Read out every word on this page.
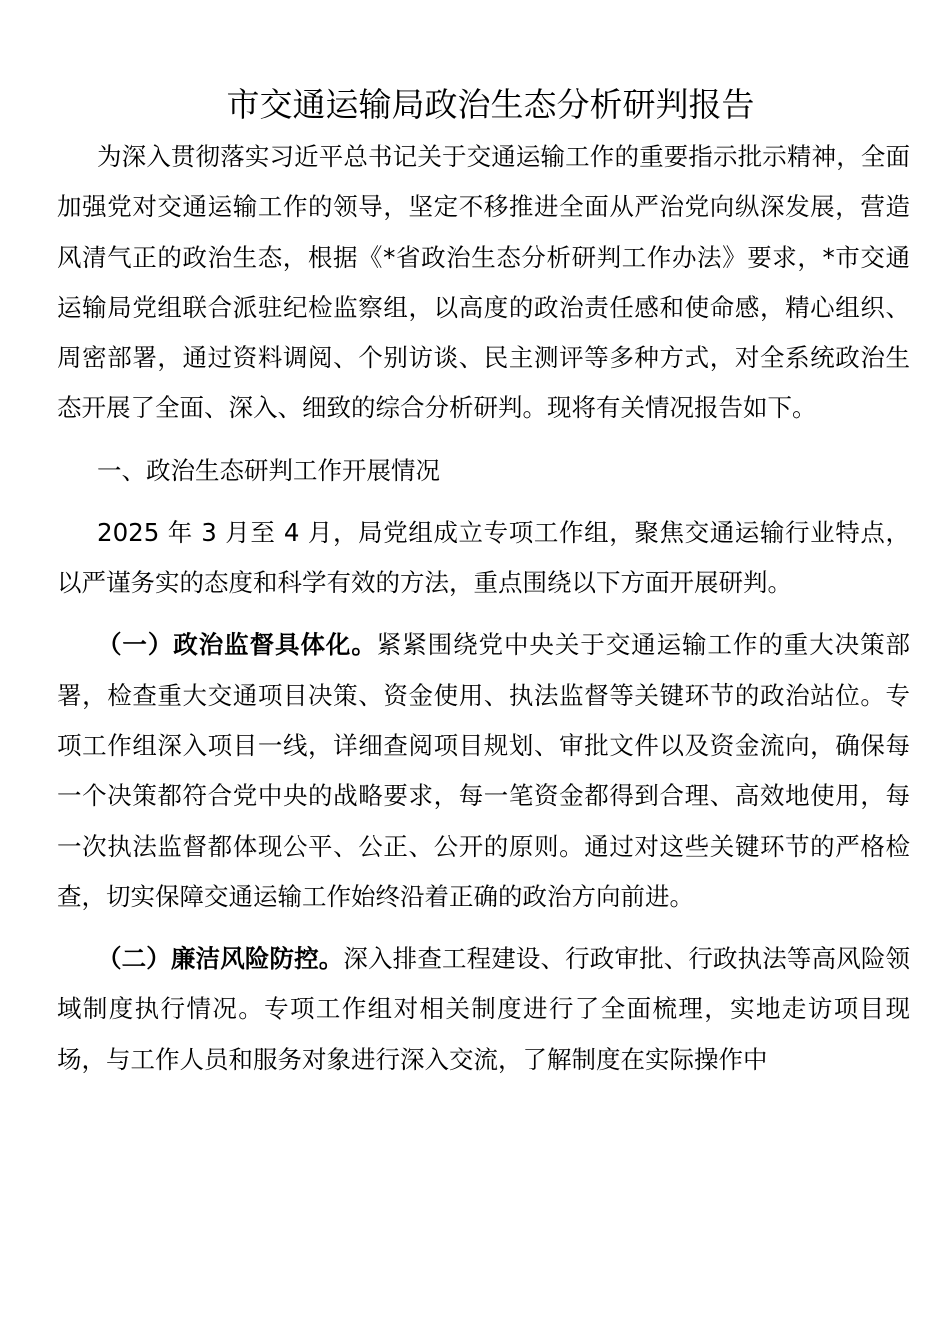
市交通运输局政治生态分析研判报告

为深入贯彻落实习近平总书记关于交通运输工作的重要指示批示精神，全面加强党对交通运输工作的领导，坚定不移推进全面从严治党向纵深发展，营造风清气正的政治生态，根据《*省政治生态分析研判工作办法》要求，*市交通运输局党组联合派驻纪检监察组，以高度的政治责任感和使命感，精心组织、周密部署，通过资料调阅、个别访谈、民主测评等多种方式，对全系统政治生态开展了全面、深入、细致的综合分析研判。现将有关情况报告如下。

一、政治生态研判工作开展情况

2025 年 3 月至 4 月，局党组成立专项工作组，聚焦交通运输行业特点，以严谨务实的态度和科学有效的方法，重点围绕以下方面开展研判。

（一）政治监督具体化。紧紧围绕党中央关于交通运输工作的重大决策部署，检查重大交通项目决策、资金使用、执法监督等关键环节的政治站位。专项工作组深入项目一线，详细查阅项目规划、审批文件以及资金流向，确保每一个决策都符合党中央的战略要求，每一笔资金都得到合理、高效地使用，每一次执法监督都体现公平、公正、公开的原则。通过对这些关键环节的严格检查，切实保障交通运输工作始终沿着正确的政治方向前进。

（二）廉洁风险防控。深入排查工程建设、行政审批、行政执法等高风险领域制度执行情况。专项工作组对相关制度进行了全面梳理，实地走访项目现场，与工作人员和服务对象进行深入交流，了解制度在实际操作中
